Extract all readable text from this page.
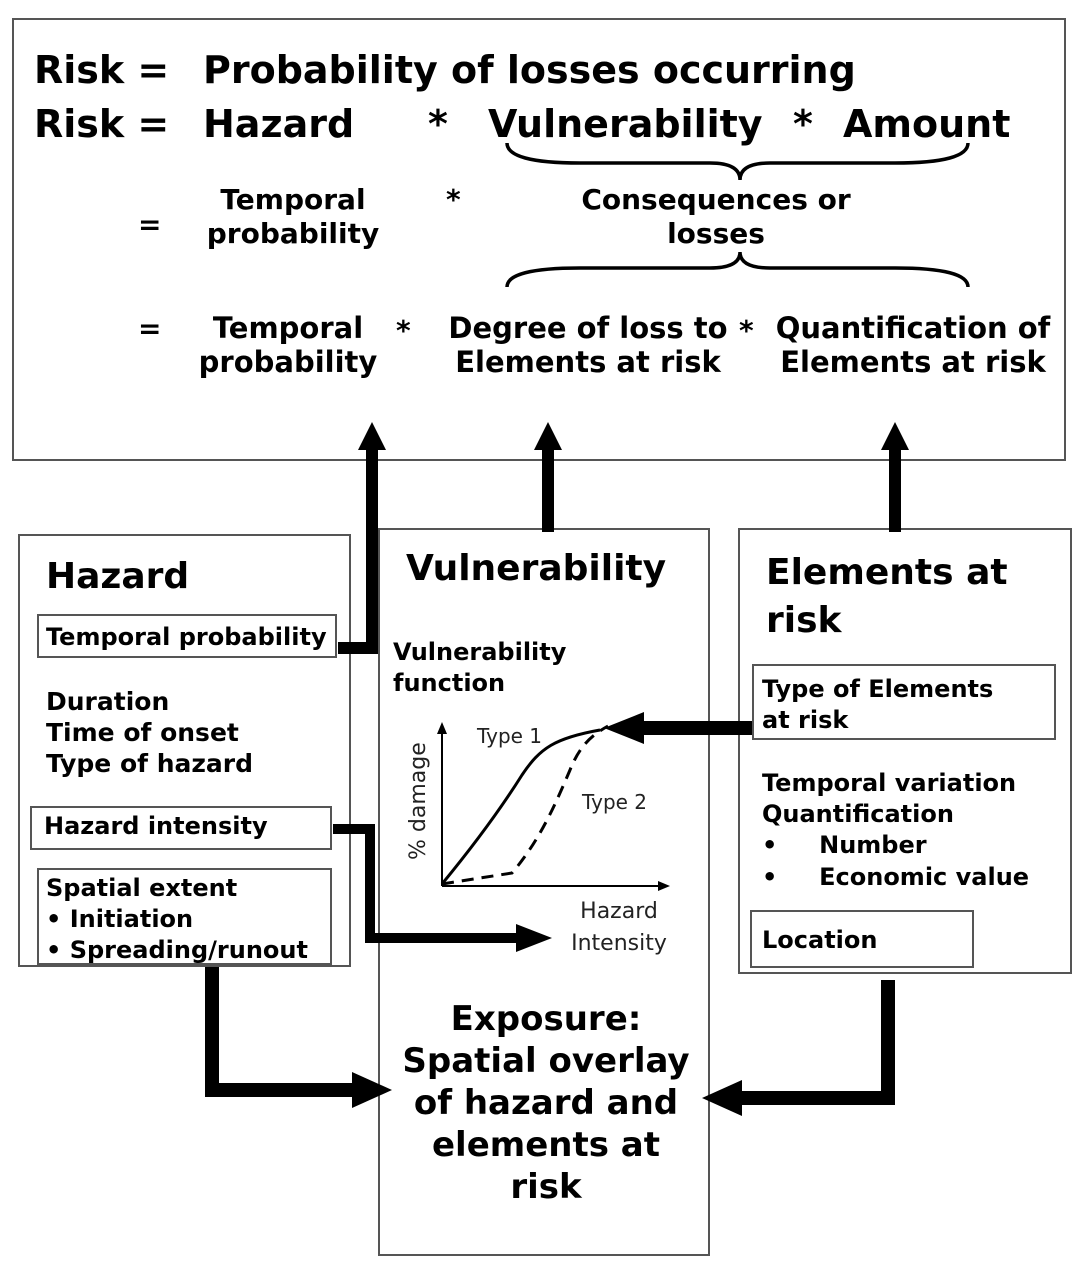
Risk = Probability of losses occurring
Risk = Hazard * Vulnerability * Amount
=
Temporal
probability
*	Consequences or
losses
=	Temporal
probability
*	Degree of loss to
Elements at risk
* Quantification of
Elements at risk
Hazard
Temporal probability
Duration
Time of onset
Type of hazard
Hazard intensity
Spatial extent
• Initiation
• Spreading/runout
Vulnerability
Vulnerability
function
% damage
Type 1
Type 2
Hazard
Intensity
Exposure:
Spatial overlay
of hazard and
elements at
risk
Elements at
risk
Type of Elements
at risk
Temporal variation
Quantification
•     Number
•     Economic value
Location
